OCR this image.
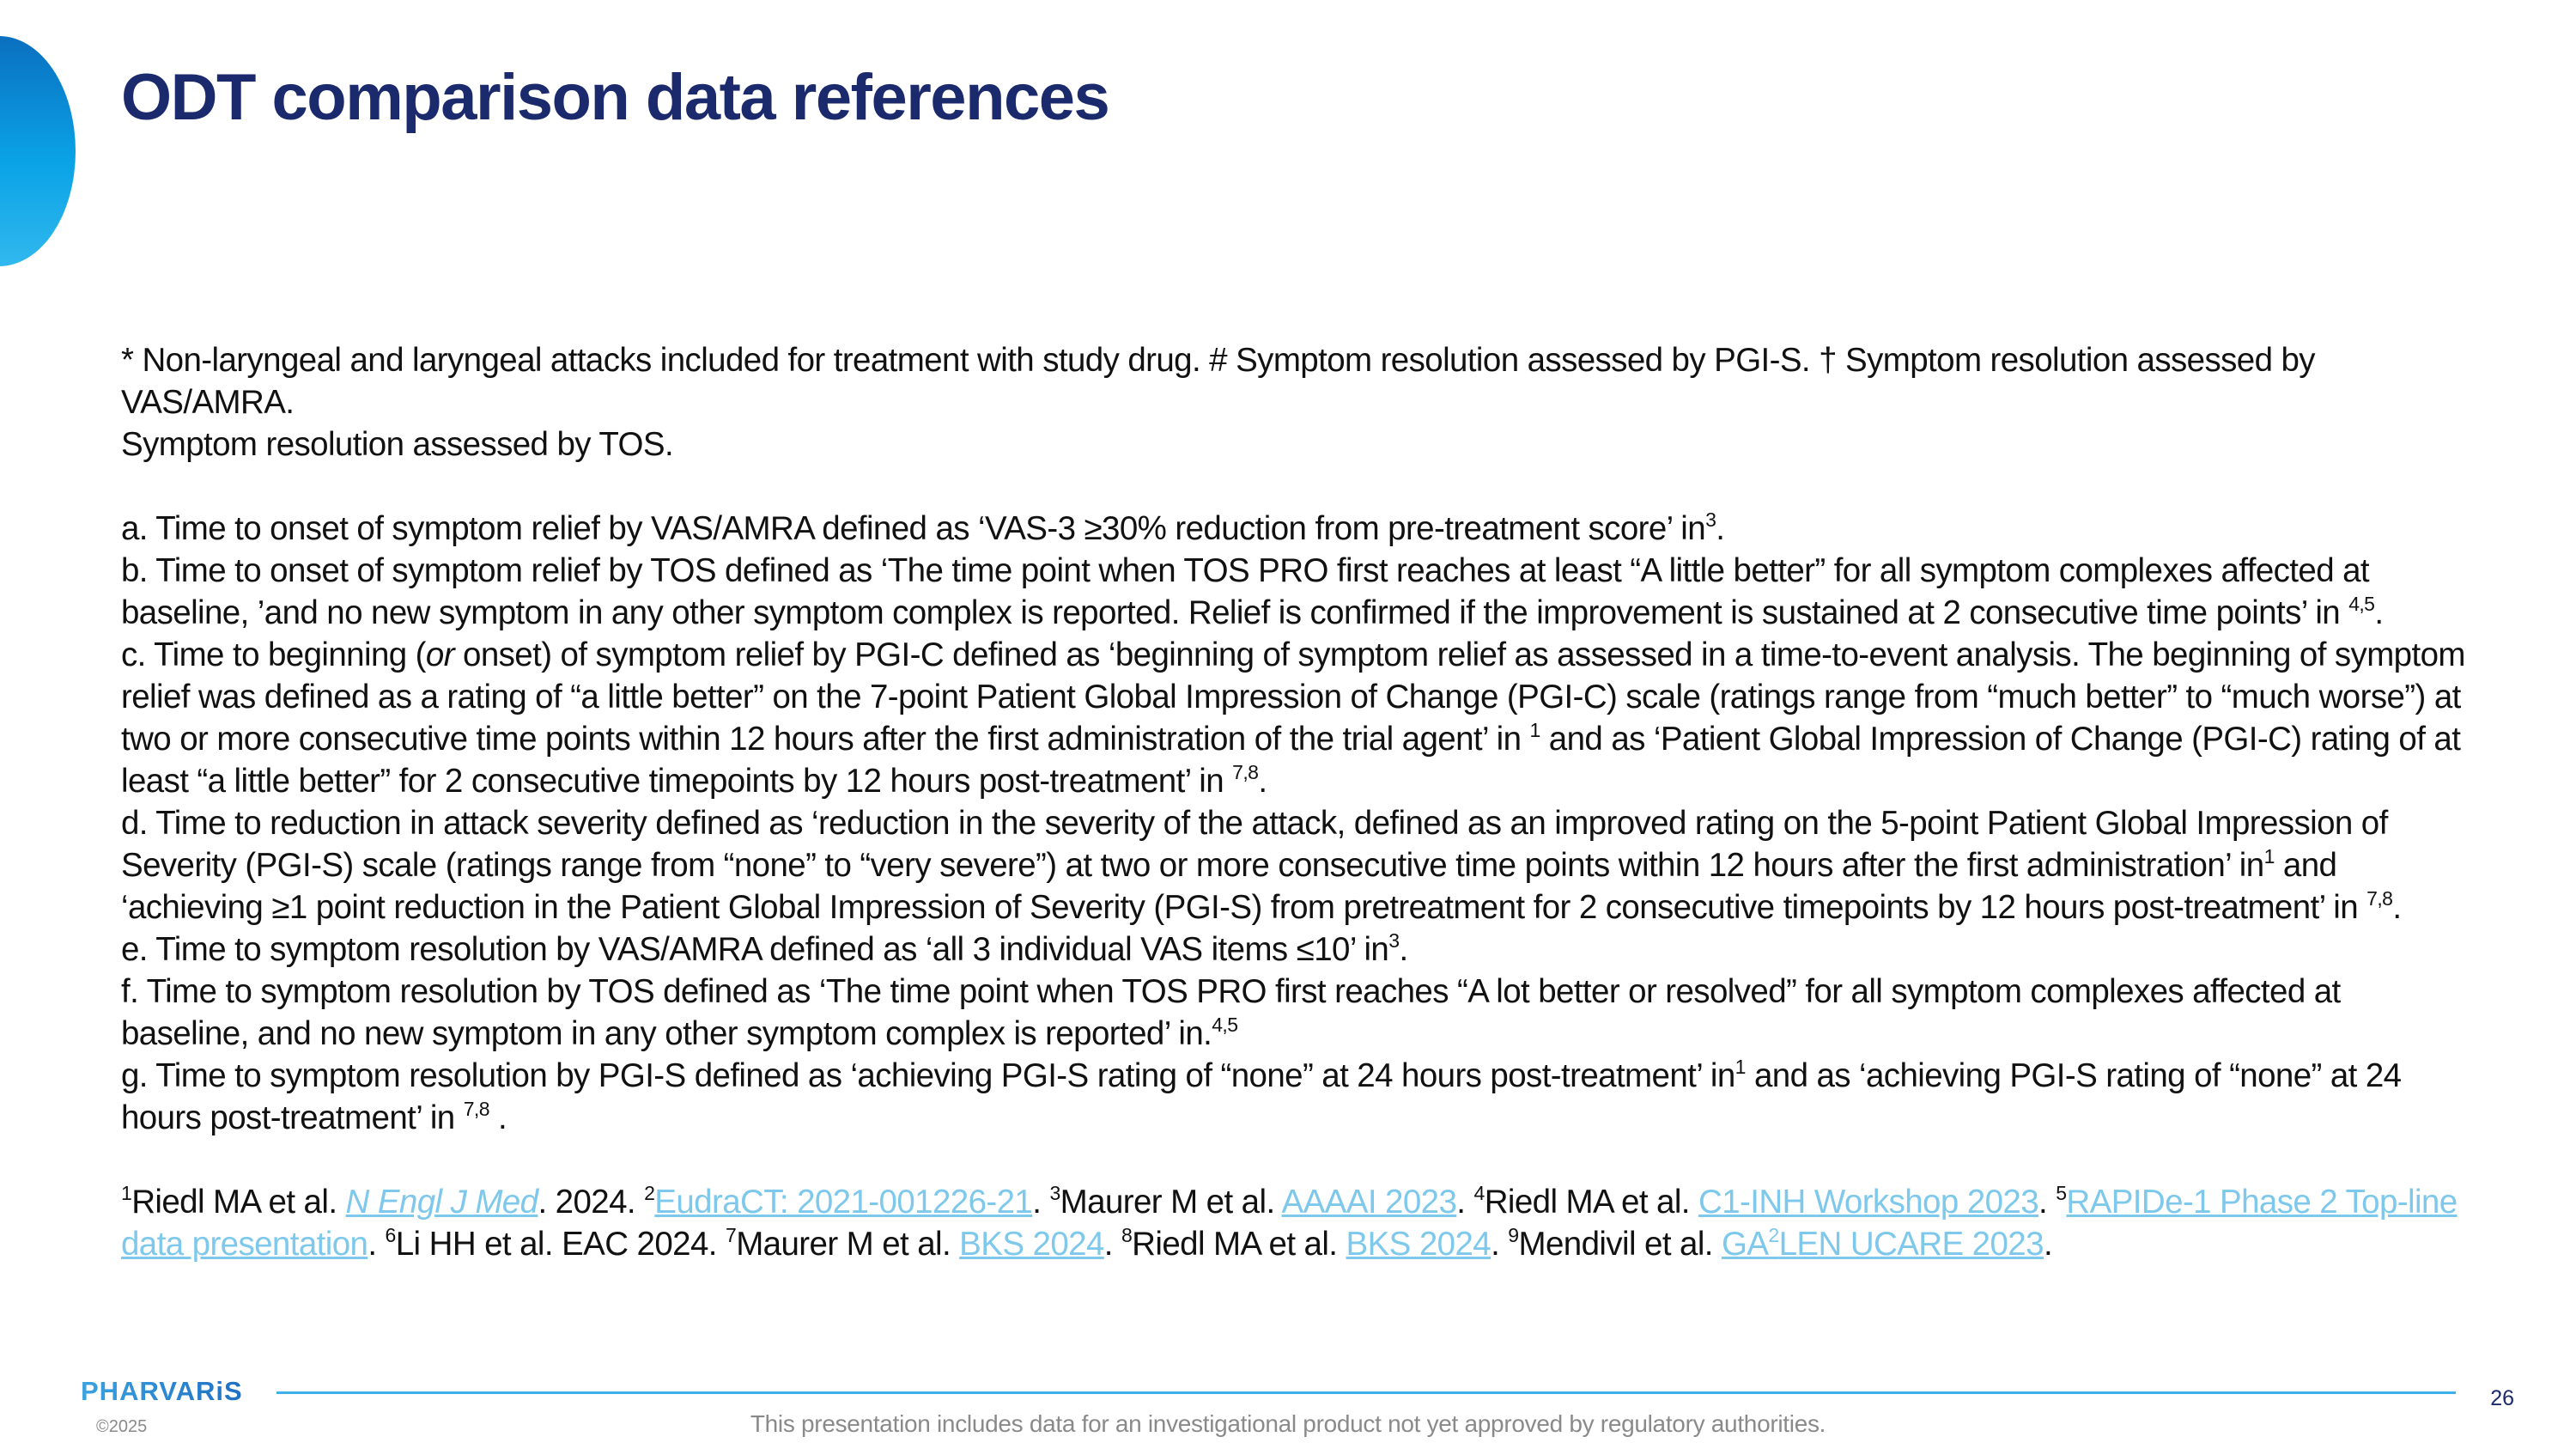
ODT comparison data references

* Non-laryngeal and laryngeal attacks included for treatment with study drug. # Symptom resolution assessed by PGI-S. † Symptom resolution assessed by VAS/AMRA.
Symptom resolution assessed by TOS.

a. Time to onset of symptom relief by VAS/AMRA defined as ‘VAS-3 ≥30% reduction from pre-treatment score’ $in^3$.

b. Time to onset of symptom relief by TOS defined as ‘The time point when TOS PRO first reaches at least “A little better” for all symptom complexes affected at baseline, ’and no new symptom in any other symptom complex is reported. Relief is confirmed if the improvement is sustained at 2 consecutive time points’ in $^{4,5}$.

c. Time to beginning (or onset) of symptom relief by PGI-C defined as ‘beginning of symptom relief as assessed in a time-to-event analysis. The beginning of symptom relief was defined as a rating of “a little better” on the 7-point Patient Global Impression of Change (PGI-C) scale (ratings range from “much better” to “much worse”) at two or more consecutive time points within 12 hours after the first administration of the trial agent’ in $^1$ and as ‘Patient Global Impression of Change (PGI-C) rating of at least “a little better” for 2 consecutive timepoints by 12 hours post-treatment’ in $^{7,8}$.

d. Time to reduction in attack severity defined as ‘reduction in the severity of the attack, defined as an improved rating on the 5-point Patient Global Impression of Severity (PGI-S) scale (ratings range from “none” to “very severe”) at two or more consecutive time points within 12 hours after the first administration’ $in^1$ and ‘achieving ≥1 point reduction in the Patient Global Impression of Severity (PGI-S) from pretreatment for 2 consecutive timepoints by 12 hours post-treatment’ in $^{7,8}$.

e. Time to symptom resolution by VAS/AMRA defined as ‘all 3 individual VAS items ≤10’ $in^3$.

f. Time to symptom resolution by TOS defined as ‘The time point when TOS PRO first reaches “A lot better or resolved” for all symptom complexes affected at baseline, and no new symptom in any other symptom complex is reported’ in.$^{4,5}$

g. Time to symptom resolution by PGI-S defined as ‘achieving PGI-S rating of “none” at 24 hours post-treatment’ $in^1$ and as ‘achieving PGI-S rating of “none” at 24 hours post-treatment’ in $^{7,8}$ .

$^1$Riedl MA et al. N Engl J Med. 2024. $^2$EudraCT: 2021-001226-21. $^3$Maurer M et al. AAAAI 2023. $^4$Riedl MA et al. C1-INH Workshop 2023. $^5$RAPIDe-1 Phase 2 Top-line data presentation. $^6$Li HH et al. EAC 2024. $^7$Maurer M et al. BKS 2024. $^8$Riedl MA et al. BKS 2024. $^9$Mendivil et al. $GA^2LEN$ UCARE 2023.

PHARVARiS
©2025	This presentation includes data for an investigational product not yet approved by regulatory authorities.
26
